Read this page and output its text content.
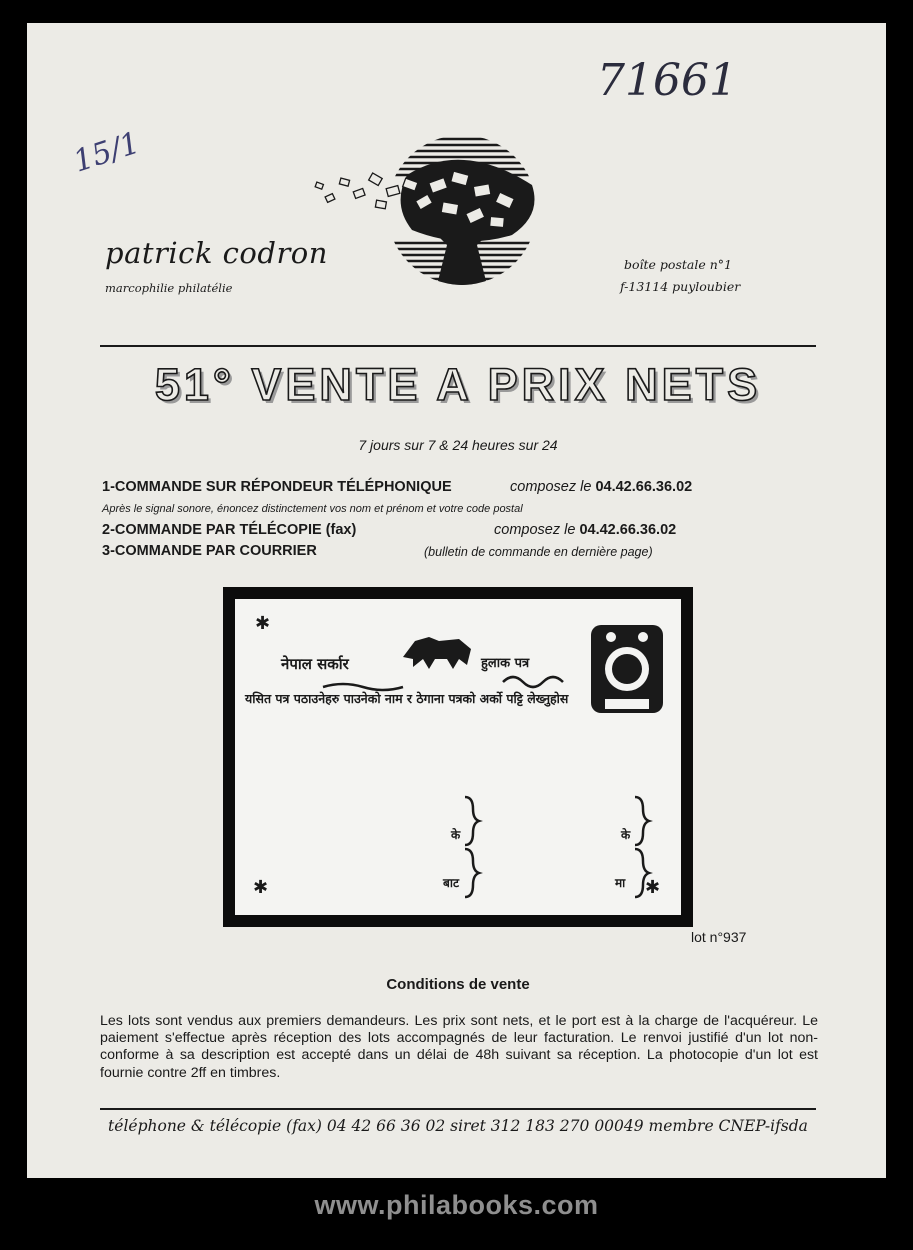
15/1
71661
patrick codron
marcophilie philatélie
boîte postale n°1
f-13114 puyloubier
51° VENTE A PRIX NETS
7 jours sur 7 & 24 heures sur 24
1-COMMANDE SUR RÉPONDEUR TÉLÉPHONIQUE	composez le 04.42.66.36.02
Après le signal sonore, énoncez distinctement vos nom et prénom et votre code postal
2-COMMANDE PAR TÉLÉCOPIE (fax)	composez le 04.42.66.36.02
3-COMMANDE PAR COURRIER	(bulletin de commande en dernière page)
✱
✱	✱
नेपाल सर्कार	हुलाक पत्र
यसित पत्र पठाउनेहरु पाउनेको नाम र ठेगाना पत्रको अर्को पट्टि लेख्नुहोस
के	के
बाट	मा
lot n°937
Conditions de vente
Les lots sont vendus aux premiers demandeurs. Les prix sont nets, et le port est à la charge de l'acquéreur. Le paiement s'effectue après réception des lots accompagnés de leur facturation. Le renvoi justifié d'un lot non-conforme à sa description est accepté dans un délai de 48h suivant sa réception. La photocopie d'un lot est fournie contre 2ff en timbres.
téléphone & télécopie (fax) 04 42 66 36 02 siret 312 183 270 00049 membre CNEP-ifsda
www.philabooks.com
